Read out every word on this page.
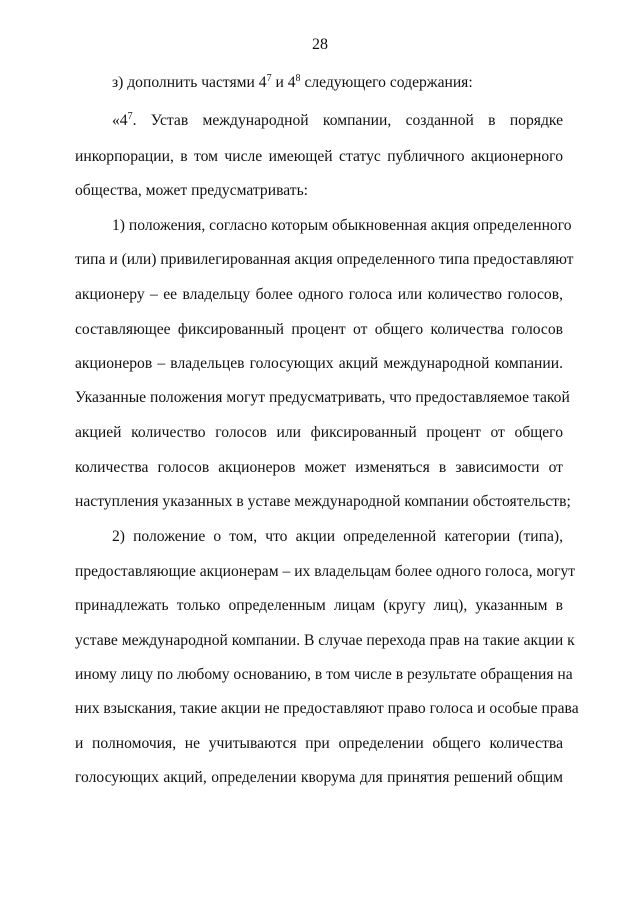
28
з) дополнить частями $4^7$ и $4^8$ следующего содержания:
«$4^7$. Устав международной компании, созданной в порядке
инкорпорации, в том числе имеющей статус публичного акционерного
общества, может предусматривать:
1) положения, согласно которым обыкновенная акция определенного
типа и (или) привилегированная акция определенного типа предоставляют
акционеру – ее владельцу более одного голоса или количество голосов,
составляющее фиксированный процент от общего количества голосов
акционеров – владельцев голосующих акций международной компании.
Указанные положения могут предусматривать, что предоставляемое такой
акцией количество голосов или фиксированный процент от общего
количества голосов акционеров может изменяться в зависимости от
наступления указанных в уставе международной компании обстоятельств;
2) положение о том, что акции определенной категории (типа),
предоставляющие акционерам – их владельцам более одного голоса, могут
принадлежать только определенным лицам (кругу лиц), указанным в
уставе международной компании. В случае перехода прав на такие акции к
иному лицу по любому основанию, в том числе в результате обращения на
них взыскания, такие акции не предоставляют право голоса и особые права
и полномочия, не учитываются при определении общего количества
голосующих акций, определении кворума для принятия решений общим
